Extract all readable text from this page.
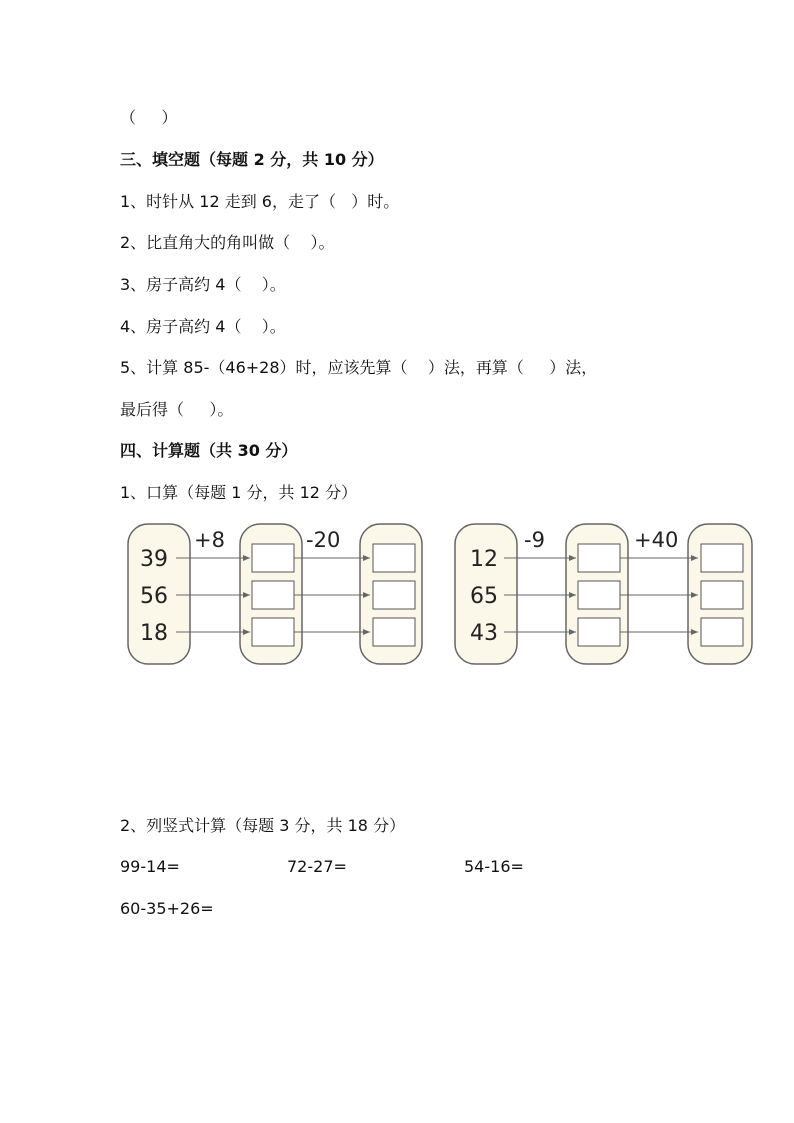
（     ）
三、填空题（每题 2 分，共 10 分）
1、时针从 12 走到 6，走了（   ）时。
2、比直角大的角叫做（    ）。
3、房子高约 4（    ）。
4、房子高约 4（    ）。
5、计算 85-（46+28）时，应该先算（    ）法，再算（     ）法，
最后得（     ）。
四、计算题（共 30 分）
1、口算（每题 1 分，共 12 分）
+8	-20
39
56
18
-9	+40
12
65
43
2、列竖式计算（每题 3 分，共 18 分）
99-14=	72-27=	54-16=
60-35+26=
